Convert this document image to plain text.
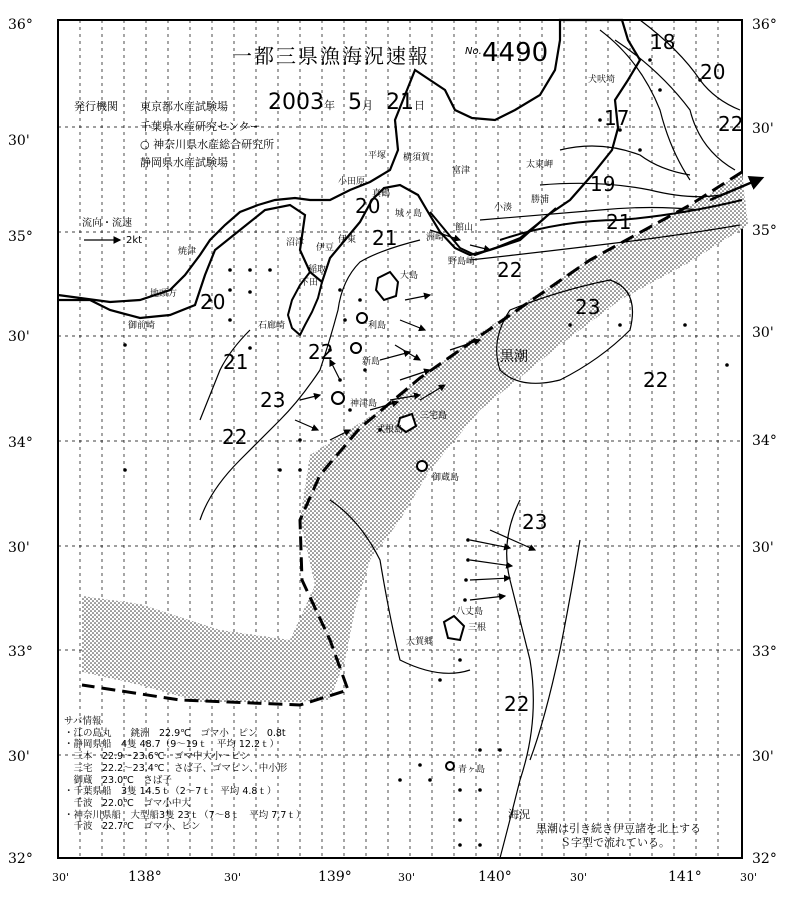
36°
30'
35°
30'
34°
30'
33°
30'
32°
36°
30'
35°
30'
34°
30'
33°
30'
32°
30'	138°	30'	139°	30'	140°	30'	141°	30'
一都三県漁海況速報	No. 4490
発行機関 東京都水産試験場 2003年 5月 21日
千葉県水産研究センター
○ 神奈川県水産総合研究所
静岡県水産試験場
流向・流速
2kt
18
20
17	22
19
20
21
21
22
20
21	22
23
22
23
22
23
22
黒潮
犬吠埼
太東岬
勝浦
小湊
富津
横須賀
平塚
小田原
真鶴
城ヶ島
館山
洲崎
野島崎
伊東
稲取
下田
石廊崎
伊豆
沼津
焼津
御前崎
地頭方
大島
利島
神津島
三宅島
御蔵島
八丈島
大賀郷
三根
青ヶ島
新島
式根島
サバ情報
・江の島丸　　銚洲　22.9℃　ゴマ小　ピン　0.8t
・静岡県船　4隻 48.7（9～19ｔ　平均 12.2ｔ）
　三本　22.9～23.6℃　ゴマ中大小～ピン
　三宅　22.2～23.4℃　さば子、ゴマピン、中小形
　御蔵　23.0℃　さば子
・千葉県船　3隻 14.5ｔ（2～7ｔ　平均 4.8ｔ）
　千波　22.0℃　ゴマ小中大
・神奈川県船　大型船3隻 23ｔ（7～8ｔ　平均 7.7ｔ）
　千波　22.7℃　ゴマ小、ピン
海況
黒潮は引き続き伊豆諸を北上する
Ｓ字型で流れている。
